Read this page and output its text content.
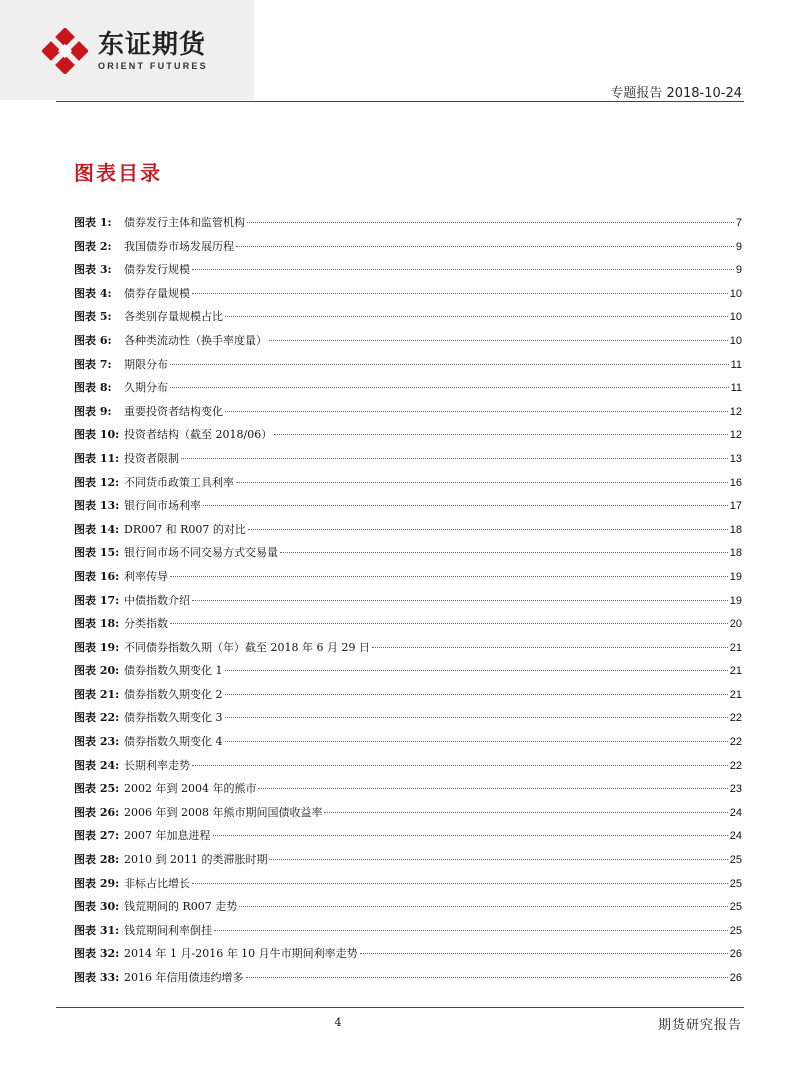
东证期货
ORIENT FUTURES
专题报告 2018-10-24
图表目录
图表 1:	债券发行主体和监管机构	7
图表 2:	我国债券市场发展历程	9
图表 3:	债券发行规模	9
图表 4:	债券存量规模	10
图表 5:	各类别存量规模占比	10
图表 6:	各种类流动性（换手率度量）	10
图表 7:	期限分布	11
图表 8:	久期分布	11
图表 9:	重要投资者结构变化	12
图表 10: 投资者结构（截至 2018/06）	12
图表 11: 投资者限制	13
图表 12: 不同货币政策工具利率	16
图表 13: 银行间市场利率	17
图表 14: DR007 和 R007 的对比	18
图表 15: 银行间市场不同交易方式交易量	18
图表 16: 利率传导	19
图表 17: 中债指数介绍	19
图表 18: 分类指数	20
图表 19: 不同债券指数久期（年）截至 2018 年 6 月 29 日	21
图表 20: 债券指数久期变化 1	21
图表 21: 债券指数久期变化 2	21
图表 22: 债券指数久期变化 3	22
图表 23: 债券指数久期变化 4	22
图表 24: 长期利率走势	22
图表 25: 2002 年到 2004 年的熊市	23
图表 26: 2006 年到 2008 年熊市期间国债收益率	24
图表 27: 2007 年加息进程	24
图表 28: 2010 到 2011 的类滞胀时期	25
图表 29: 非标占比增长	25
图表 30: 钱荒期间的 R007 走势	25
图表 31: 钱荒期间利率倒挂	25
图表 32: 2014 年 1 月-2016 年 10 月牛市期间利率走势	26
图表 33: 2016 年信用债违约增多	26
4	期货研究报告
